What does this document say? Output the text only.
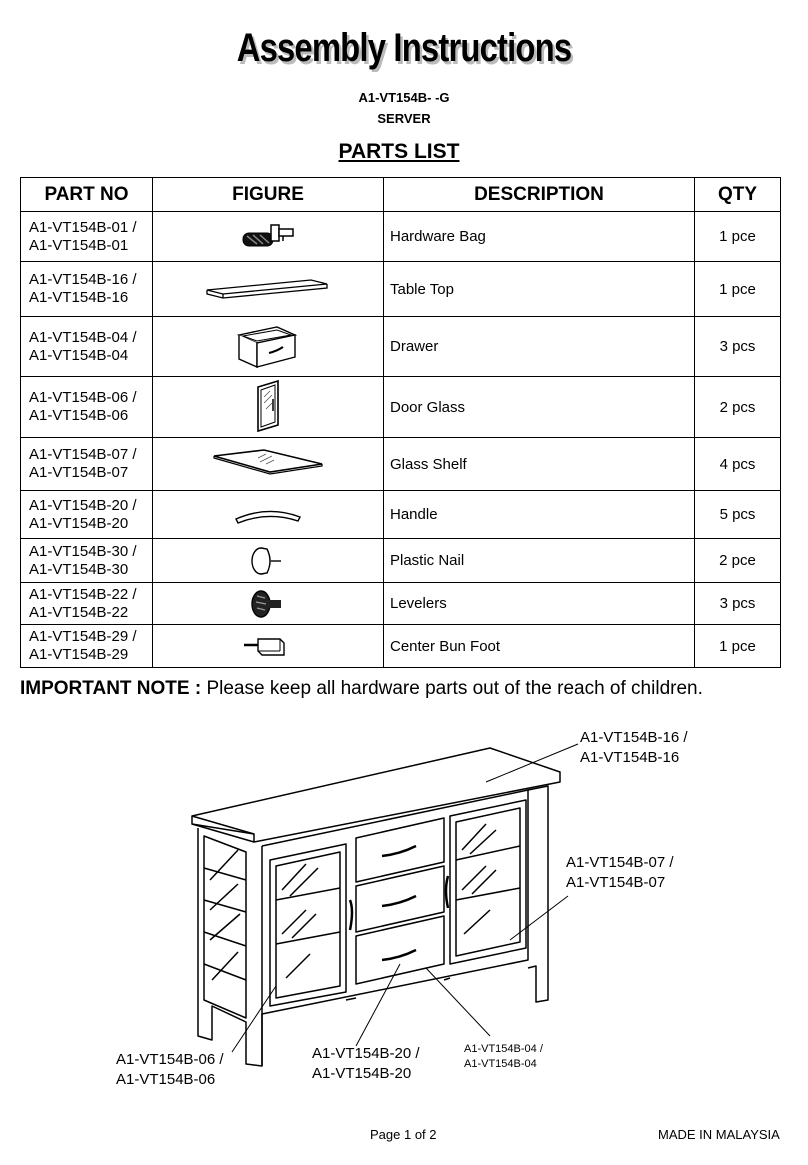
Assembly Instructions
A1-VT154B- -G
SERVER
PARTS LIST
PART NO	FIGURE	DESCRIPTION	QTY

A1-VT154B-01 /
A1-VT154B-01		Hardware Bag	1 pce

A1-VT154B-16 /
A1-VT154B-16		Table Top	1 pce

A1-VT154B-04 /
A1-VT154B-04		Drawer	3 pcs

A1-VT154B-06 /
A1-VT154B-06		Door Glass	2 pcs

A1-VT154B-07 /
A1-VT154B-07		Glass Shelf	4 pcs

A1-VT154B-20 /
A1-VT154B-20		Handle	5 pcs

A1-VT154B-30 /
A1-VT154B-30		Plastic Nail	2 pce

A1-VT154B-22 /
A1-VT154B-22		Levelers	3 pcs

A1-VT154B-29 /
A1-VT154B-29		Center Bun Foot	1 pce
IMPORTANT NOTE : Please keep all hardware parts out of the reach of children.
A1-VT154B-16 /
A1-VT154B-16
A1-VT154B-07 /
A1-VT154B-07
A1-VT154B-06 /
A1-VT154B-06
A1-VT154B-20 /
A1-VT154B-20
A1-VT154B-04 /
A1-VT154B-04
Page 1 of 2	MADE IN MALAYSIA
